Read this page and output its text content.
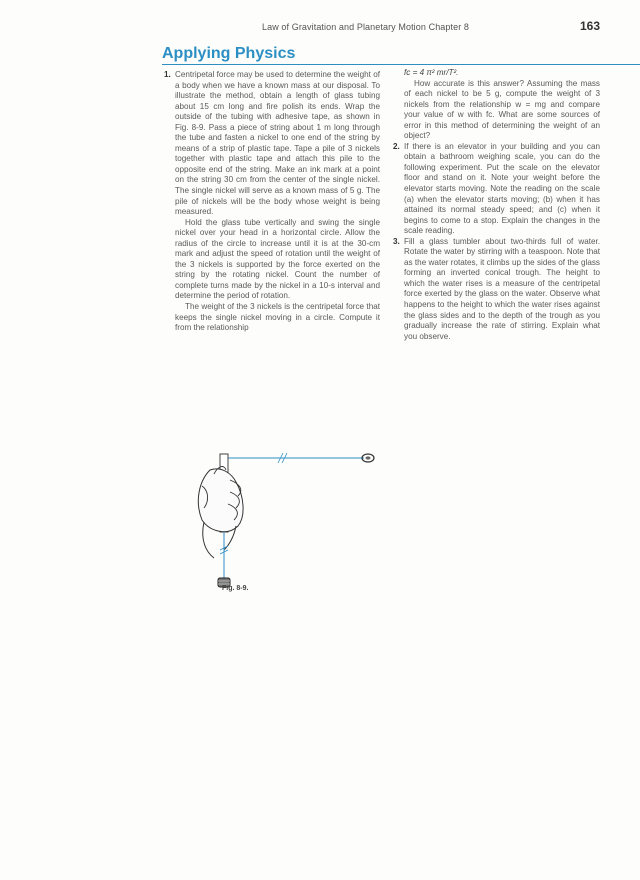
Law of Gravitation and Planetary Motion Chapter 8	163
Applying Physics
1. Centripetal force may be used to determine the weight of a body when we have a known mass at our disposal. To illustrate the method, obtain a length of glass tubing about 15 cm long and fire polish its ends. Wrap the outside of the tubing with adhesive tape, as shown in Fig. 8-9. Pass a piece of string about 1 m long through the tube and fasten a nickel to one end of the string by means of a strip of plastic tape. Tape a pile of 3 nickels together with plastic tape and attach this pile to the opposite end of the string. Make an ink mark at a point on the string 30 cm from the center of the single nickel. The single nickel will serve as a known mass of 5 g. The pile of nickels will be the body whose weight is being measured.

Hold the glass tube vertically and swing the single nickel over your head in a horizontal circle. Allow the radius of the circle to increase until it is at the 30-cm mark and adjust the speed of rotation until the weight of the 3 nickels is supported by the force exerted on the string by the rotating nickel. Count the number of complete turns made by the nickel in a 10-s interval and determine the period of rotation.

The weight of the 3 nickels is the centripetal force that keeps the single nickel moving in a circle. Compute it from the relationship

fc = 4 π² mr/T².

How accurate is this answer? Assuming the mass of each nickel to be 5 g, compute the weight of 3 nickels from the relationship w = mg and compare your value of w with fc. What are some sources of error in this method of determining the weight of an object?

2. If there is an elevator in your building and you can obtain a bathroom weighing scale, you can do the following experiment. Put the scale on the elevator floor and stand on it. Note your weight before the elevator starts moving. Note the reading on the scale (a) when the elevator starts moving; (b) when it has attained its normal steady speed; and (c) when it begins to come to a stop. Explain the changes in the scale reading.

3. Fill a glass tumbler about two-thirds full of water. Rotate the water by stirring with a teaspoon. Note that as the water rotates, it climbs up the sides of the glass forming an inverted conical trough. The height to which the water rises is a measure of the centripetal force exerted by the glass on the water. Observe what happens to the height to which the water rises against the glass sides and to the depth of the trough as you gradually increase the rate of stirring. Explain what you observe.

Fig. 8-9.
